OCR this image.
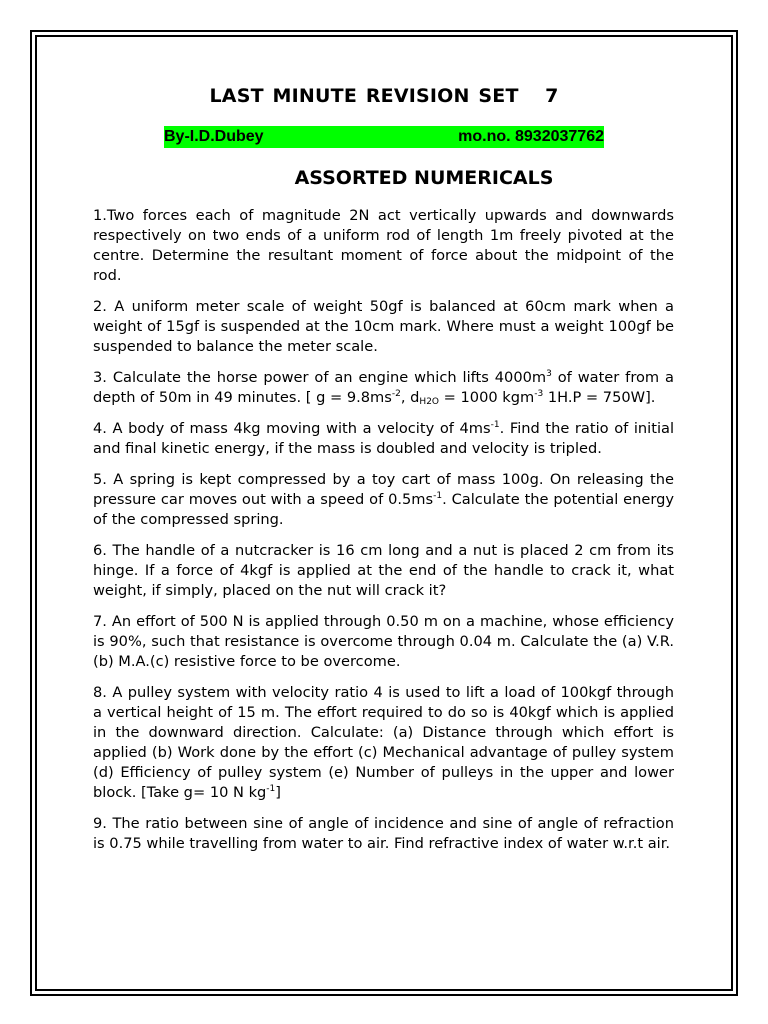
LAST MINUTE REVISION SET   7
By-I.D.Dubey	mo.no. 8932037762
ASSORTED NUMERICALS

1.Two forces each of magnitude 2N act vertically upwards and downwards respectively on two ends of a uniform rod of length 1m freely pivoted at the centre. Determine the resultant moment of force about the midpoint of the rod.

2. A uniform meter scale of weight 50gf is balanced at 60cm mark when a weight of 15gf is suspended at the 10cm mark. Where must a weight 100gf be suspended to balance the meter scale.

3. Calculate the horse power of an engine which lifts $4000m^3$ of water from a depth of 50m in 49 minutes. [ $g = 9.8ms^{-2}$, $d_{H2O} = 1000$ kgm$^{-3}$ 1H.P = 750W].

4. A body of mass 4kg moving with a velocity of $4ms^{-1}$. Find the ratio of initial and final kinetic energy, if the mass is doubled and velocity is tripled.

5. A spring is kept compressed by a toy cart of mass 100g. On releasing the pressure car moves out with a speed of $0.5ms^{-1}$. Calculate the potential energy of the compressed spring.

6. The handle of a nutcracker is 16 cm long and a nut is placed 2 cm from its hinge. If a force of 4kgf is applied at the end of the handle to crack it, what weight, if simply, placed on the nut will crack it?

7. An effort of 500 N is applied through 0.50 m on a machine, whose efficiency is 90%, such that resistance is overcome through 0.04 m. Calculate the (a) V.R. (b) M.A.(c) resistive force to be overcome.

8. A pulley system with velocity ratio 4 is used to lift a load of 100kgf through a vertical height of 15 m. The effort required to do so is 40kgf which is applied in the downward direction. Calculate: (a) Distance through which effort is applied (b) Work done by the effort (c) Mechanical advantage of pulley system (d) Efficiency of pulley system (e) Number of pulleys in the upper and lower block. [Take g= 10 N $kg^{-1}$]

9. The ratio between sine of angle of incidence and sine of angle of refraction is 0.75 while travelling from water to air. Find refractive index of water w.r.t air.
